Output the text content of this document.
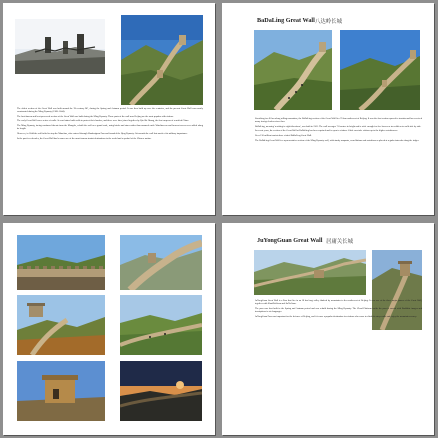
The oldest section of the Great Wall was built around the 7th century BC, during the Spring and Autumn period. It was then built up over the centuries, and the present Great Wall was mostly constructed during the Ming Dynasty (1368–1644).

The best-known and best-preserved section of the Great Wall was built during the Ming Dynasty. Those parts of the wall near Beijing are the most popular with visitors.

The early Great Wall was a series of walls. Several states built walls to protect their borders, and these were later joined together by Qin Shi Huang, the first emperor of a unified China.

The Ming Dynasty, facing continued threats from the Mongols, rebuilt the wall on a grand scale, using bricks and stone rather than rammed earth. Watchtowers and beacon towers were added along its length.

However, in 1644 the wall failed to stop the Manchus, who entered through Shanhaiguan Pass and founded the Qing Dynasty. Afterwards the wall lost much of its military importance.

In the past few decades, the Great Wall has become one of the most famous tourist destinations in the world and a symbol of the Chinese nation.

BaDaLing Great Wall 八达岭长城

Stretching for 45 km along rolling mountains, the BaDaLing section of the Great Wall lies 70 km north-west of Beijing. It was the first section opened to tourists and has received many foreign leaders since then.

BaDaLing, meaning 'reaching in eight directions', was built in 1505. The wall averages 7.8 metres in height and is wide enough for five horses or ten soldiers to walk side by side.

In recent years, the section of the Great Wall at BaDaLing has been repaired and is open to visitors. Cable cars take visitors up to the higher watchtowers.

Over 130 million tourists have visited BaDaLing Great Wall.

The BaDaLing Great Wall is a representative section of the Ming Dynasty wall, with sturdy ramparts, crenellations and watchtowers placed at regular intervals along the ridges.

JuYongGuan Great Wall 居庸关长城

JuYongGuan Great Wall is a Pass that lies in an 18 km long valley flanked by mountains to the north-west of Beijing. It was one of the three major passes of the Great Wall, together with ShanHaiGuan and JiaYuGuan.

The pass was first built in the Spring and Autumn period and was rebuilt during the Ming Dynasty. The Cloud Platform inside the pass is carved with Buddhist images and inscriptions in six languages.

JuYongGuan Pass was important for the defence of Beijing, and it is now a popular destination for visitors who come to climb its steep walls and enjoy the mountain scenery.
